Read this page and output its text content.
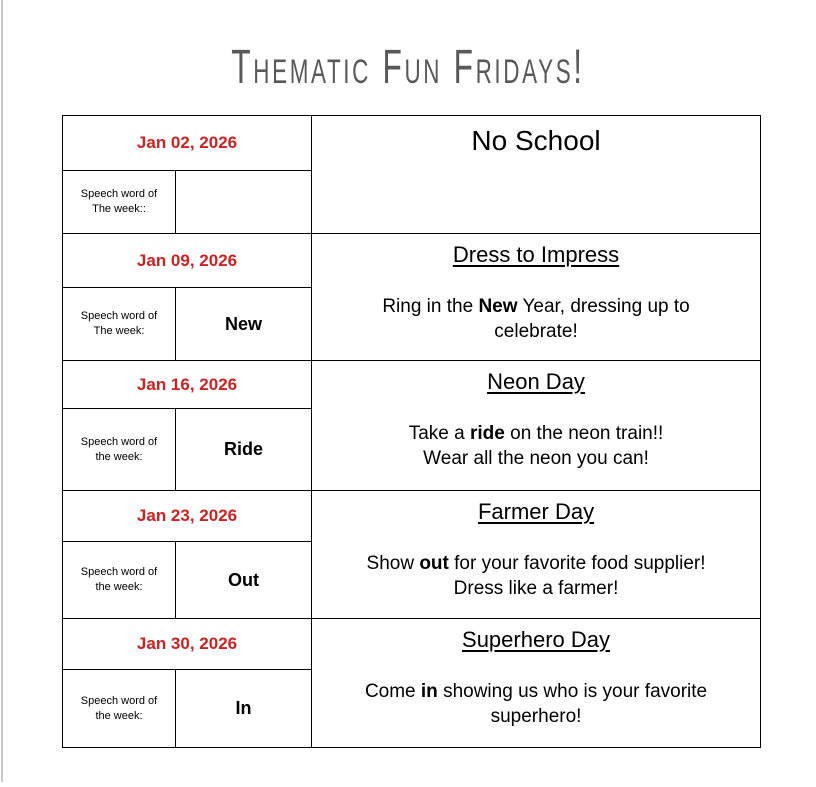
Thematic Fun Fridays!
Jan 02, 2026		No School

Speech word of
The week::		
Jan 09, 2026		Dress to Impress
Ring in the New Year, dressing up to
celebrate!

Speech word of
The week:	New	
Jan 16, 2026		Neon Day
Take a ride on the neon train!!
Wear all the neon you can!

Speech word of
the week:	Ride	
Jan 23, 2026		Farmer Day
Show out for your favorite food supplier!
Dress like a farmer!

Speech word of
the week:	Out	
Jan 30, 2026		Superhero Day
Come in showing us who is your favorite
superhero!

Speech word of
the week:	In	
